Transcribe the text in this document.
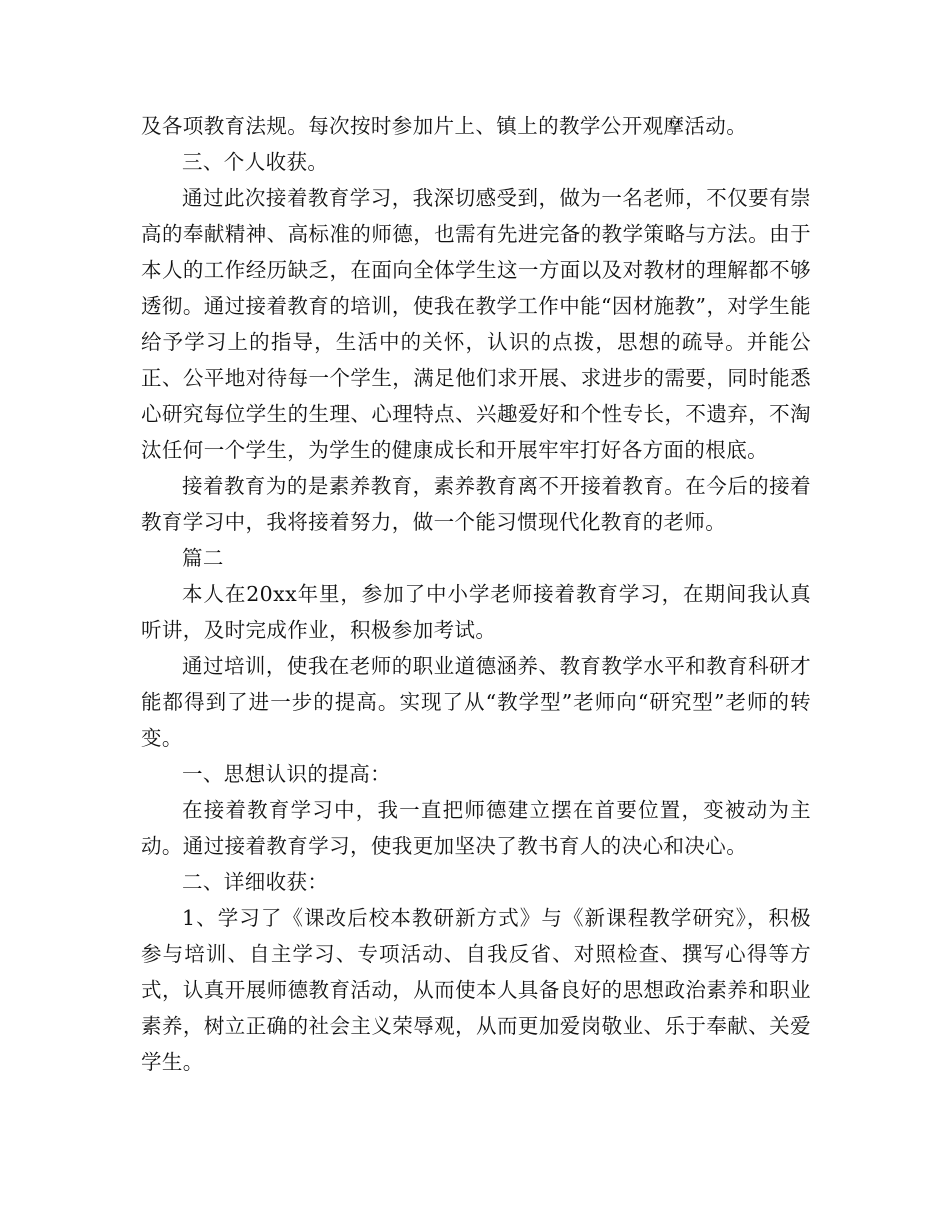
及各项教育法规。每次按时参加片上、镇上的教学公开观摩活动。

三、个人收获。

通过此次接着教育学习，我深切感受到，做为一名老师，不仅要有崇高的奉献精神、高标准的师德，也需有先进完备的教学策略与方法。由于本人的工作经历缺乏，在面向全体学生这一方面以及对教材的理解都不够透彻。通过接着教育的培训，使我在教学工作中能“因材施教”，对学生能给予学习上的指导，生活中的关怀，认识的点拨，思想的疏导。并能公正、公平地对待每一个学生，满足他们求开展、求进步的需要，同时能悉心研究每位学生的生理、心理特点、兴趣爱好和个性专长，不遗弃，不淘汰任何一个学生，为学生的健康成长和开展牢牢打好各方面的根底。

接着教育为的是素养教育，素养教育离不开接着教育。在今后的接着教育学习中，我将接着努力，做一个能习惯现代化教育的老师。

篇二

本人在20xx年里，参加了中小学老师接着教育学习，在期间我认真听讲，及时完成作业，积极参加考试。

通过培训，使我在老师的职业道德涵养、教育教学水平和教育科研才能都得到了进一步的提高。实现了从“教学型”老师向“研究型”老师的转变。

一、思想认识的提高：

在接着教育学习中，我一直把师德建立摆在首要位置，变被动为主动。通过接着教育学习，使我更加坚决了教书育人的决心和决心。

二、详细收获：

1、学习了《课改后校本教研新方式》与《新课程教学研究》，积极参与培训、自主学习、专项活动、自我反省、对照检查、撰写心得等方式，认真开展师德教育活动，从而使本人具备良好的思想政治素养和职业素养，树立正确的社会主义荣辱观，从而更加爱岗敬业、乐于奉献、关爱学生。
